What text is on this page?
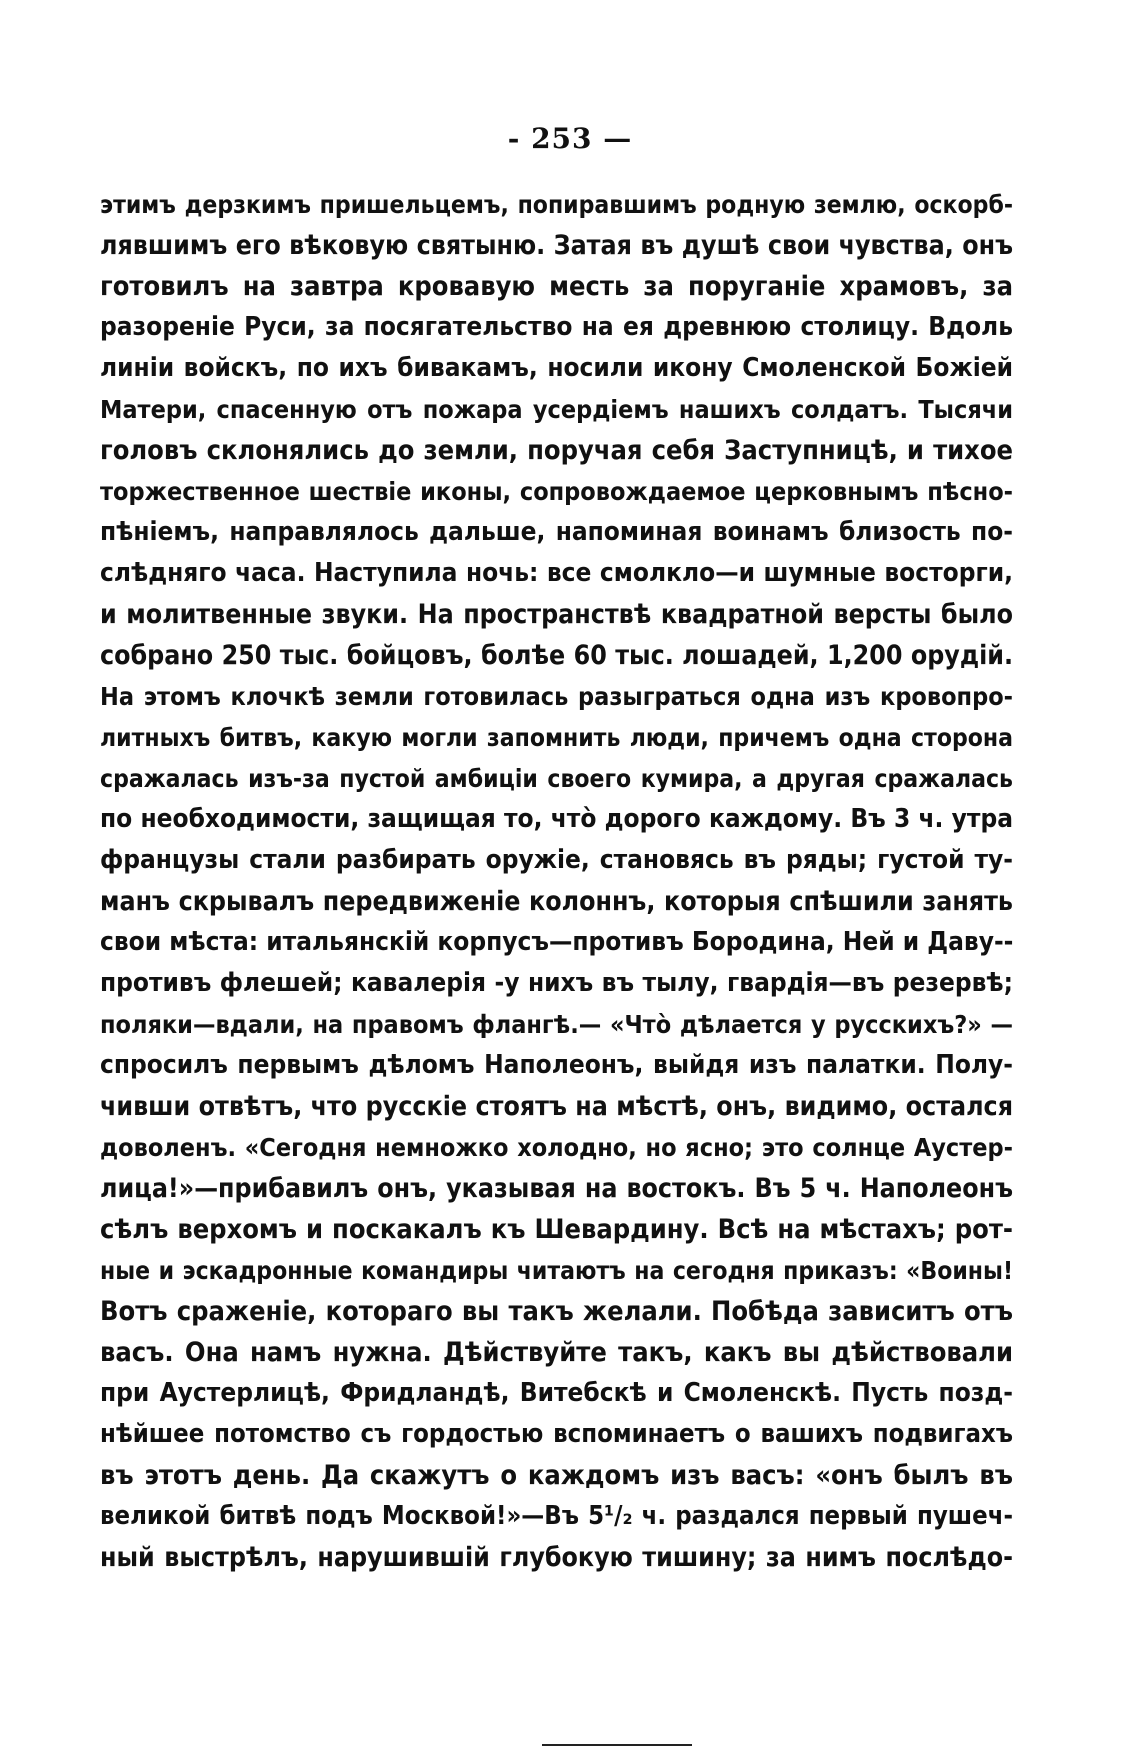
- 253 —
этимъ дерзкимъ пришельцемъ, попиравшимъ родную землю, оскорб-
лявшимъ его вѣковую святыню. Затая въ душѣ свои чувства, онъ
готовилъ на завтра кровавую месть за поруганіе храмовъ, за
разореніе Руси, за посягательство на ея древнюю столицу. Вдоль
линіи войскъ, по ихъ бивакамъ, носили икону Смоленской Божіей
Матери, спасенную отъ пожара усердіемъ нашихъ солдатъ. Тысячи
головъ склонялись до земли, поручая себя Заступницѣ, и тихое
торжественное шествіе иконы, сопровождаемое церковнымъ пѣсно-
пѣніемъ, направлялось дальше, напоминая воинамъ близость по-
слѣдняго часа. Наступила ночь: все смолкло—и шумные восторги,
и молитвенные звуки. На пространствѣ квадратной версты было
собрано 250 тыс. бойцовъ, болѣе 60 тыс. лошадей, 1,200 орудій.
На этомъ клочкѣ земли готовилась разыграться одна изъ кровопро-
литныхъ битвъ, какую могли запомнить люди, причемъ одна сторона
сражалась изъ-за пустой амбиціи своего кумира, а другая сражалась
по необходимости, защищая то, что̀ дорого каждому. Въ 3 ч. утра
французы стали разбирать оружіе, становясь въ ряды; густой ту-
манъ скрывалъ передвиженіе колоннъ, которыя спѣшили занять
свои мѣста: итальянскій корпусъ—противъ Бородина, Ней и Даву--
противъ флешей; кавалерія -у нихъ въ тылу, гвардія—въ резервѣ;
поляки—вдали, на правомъ флангѣ.— «Что̀ дѣлается у русскихъ?» —
спросилъ первымъ дѣломъ Наполеонъ, выйдя изъ палатки. Полу-
чивши отвѣтъ, что русскіе стоятъ на мѣстѣ, онъ, видимо, остался
доволенъ. «Сегодня немножко холодно, но ясно; это солнце Аустер-
лица!»—прибавилъ онъ, указывая на востокъ. Въ 5 ч. Наполеонъ
сѣлъ верхомъ и поскакалъ къ Шевардину. Всѣ на мѣстахъ; рот-
ные и эскадронные командиры читаютъ на сегодня приказъ: «Воины!
Вотъ сраженіе, котораго вы такъ желали. Побѣда зависитъ отъ
васъ. Она намъ нужна. Дѣйствуйте такъ, какъ вы дѣйствовали
при Аустерлицѣ, Фридландѣ, Витебскѣ и Смоленскѣ. Пусть позд-
нѣйшее потомство съ гордостью вспоминаетъ о вашихъ подвигахъ
въ этотъ день. Да скажутъ о каждомъ изъ васъ: «онъ былъ въ
великой битвѣ подъ Москвой!»—Въ 5¹/₂ ч. раздался первый пушеч-
ный выстрѣлъ, нарушившій глубокую тишину; за нимъ послѣдо-
